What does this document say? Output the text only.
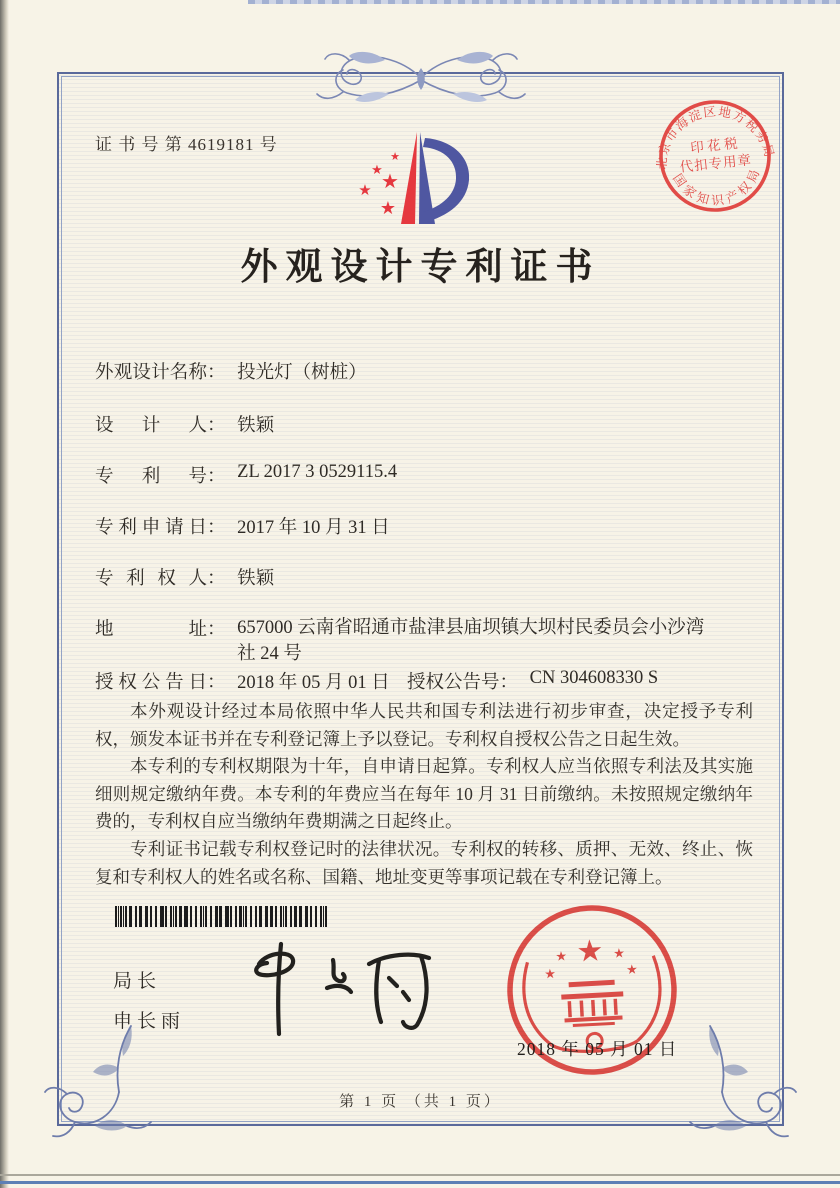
证 书 号 第 4619181 号
★
★
★
★
★
北京市海淀区地方税务局
国家知识产权局
印 花 税
代扣专用章
外观设计专利证书
外观设计名称： 投光灯（树桩）
设 计 人： 铁颖
专 利 号： ZL 2017 3 0529115.4
专利申请日： 2017 年 10 月 31 日
专 利 权 人： 铁颖
地 址： 657000 云南省昭通市盐津县庙坝镇大坝村民委员会小沙湾社 24 号
授权公告日： 2018 年 05 月 01 日 授权公告号： CN 304608330 S

本外观设计经过本局依照中华人民共和国专利法进行初步审查，决定授予专利权，颁发本证书并在专利登记簿上予以登记。专利权自授权公告之日起生效。

本专利的专利权期限为十年，自申请日起算。专利权人应当依照专利法及其实施细则规定缴纳年费。本专利的年费应当在每年 10 月 31 日前缴纳。未按照规定缴纳年费的，专利权自应当缴纳年费期满之日起终止。

专利证书记载专利权登记时的法律状况。专利权的转移、质押、无效、终止、恢复和专利权人的姓名或名称、国籍、地址变更等事项记载在专利登记簿上。

局长
申长雨
★
★	★
★	★
2018 年 05 月 01 日
第 1 页 （共 1 页）
